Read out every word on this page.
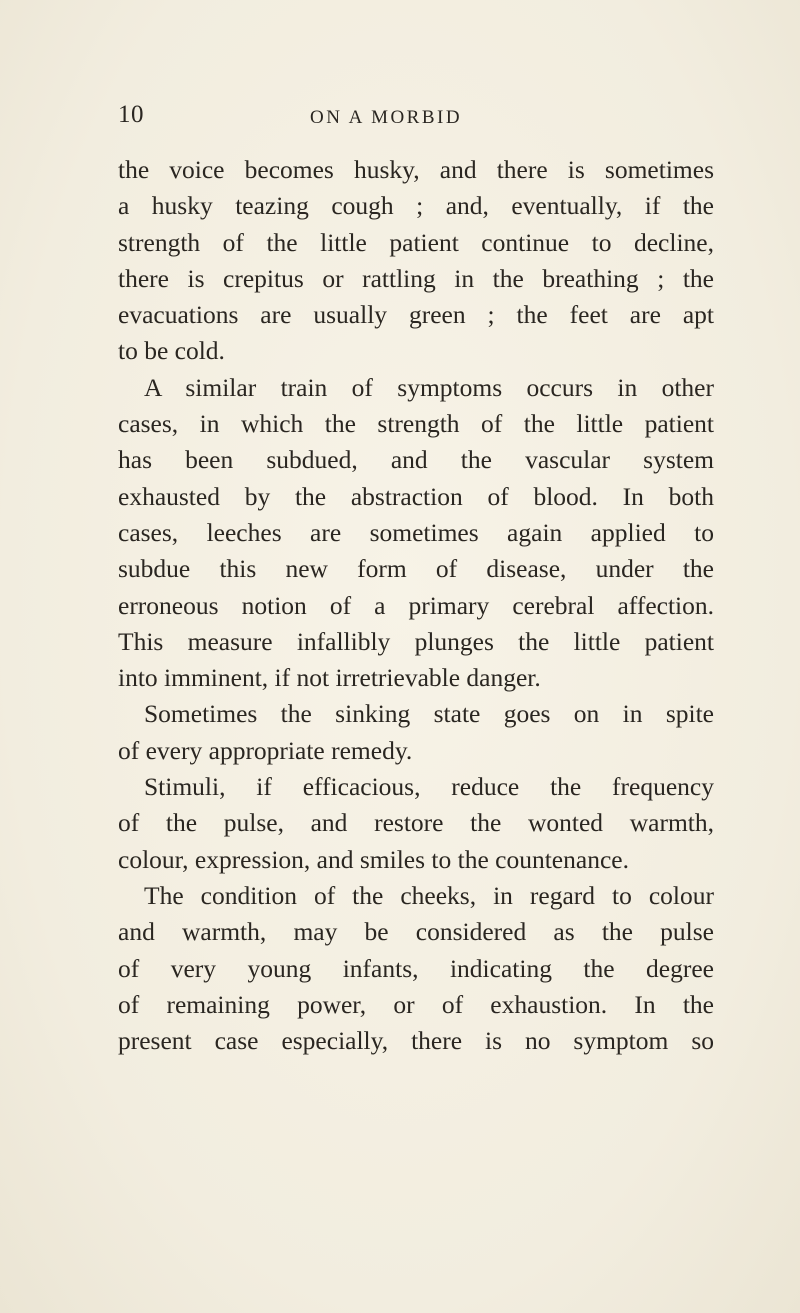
10	ON A MORBID
the voice becomes husky, and there is sometimes
a husky teazing cough ; and, eventually, if the
strength of the little patient continue to decline,
there is crepitus or rattling in the breathing ; the
evacuations are usually green ; the feet are apt
to be cold.
A similar train of symptoms occurs in other
cases, in which the strength of the little patient
has been subdued, and the vascular system
exhausted by the abstraction of blood. In both
cases, leeches are sometimes again applied to
subdue this new form of disease, under the
erroneous notion of a primary cerebral affection.
This measure infallibly plunges the little patient
into imminent, if not irretrievable danger.
Sometimes the sinking state goes on in spite
of every appropriate remedy.
Stimuli, if efficacious, reduce the frequency
of the pulse, and restore the wonted warmth,
colour, expression, and smiles to the countenance.
The condition of the cheeks, in regard to colour
and warmth, may be considered as the pulse
of very young infants, indicating the degree
of remaining power, or of exhaustion. In the
present case especially, there is no symptom so
